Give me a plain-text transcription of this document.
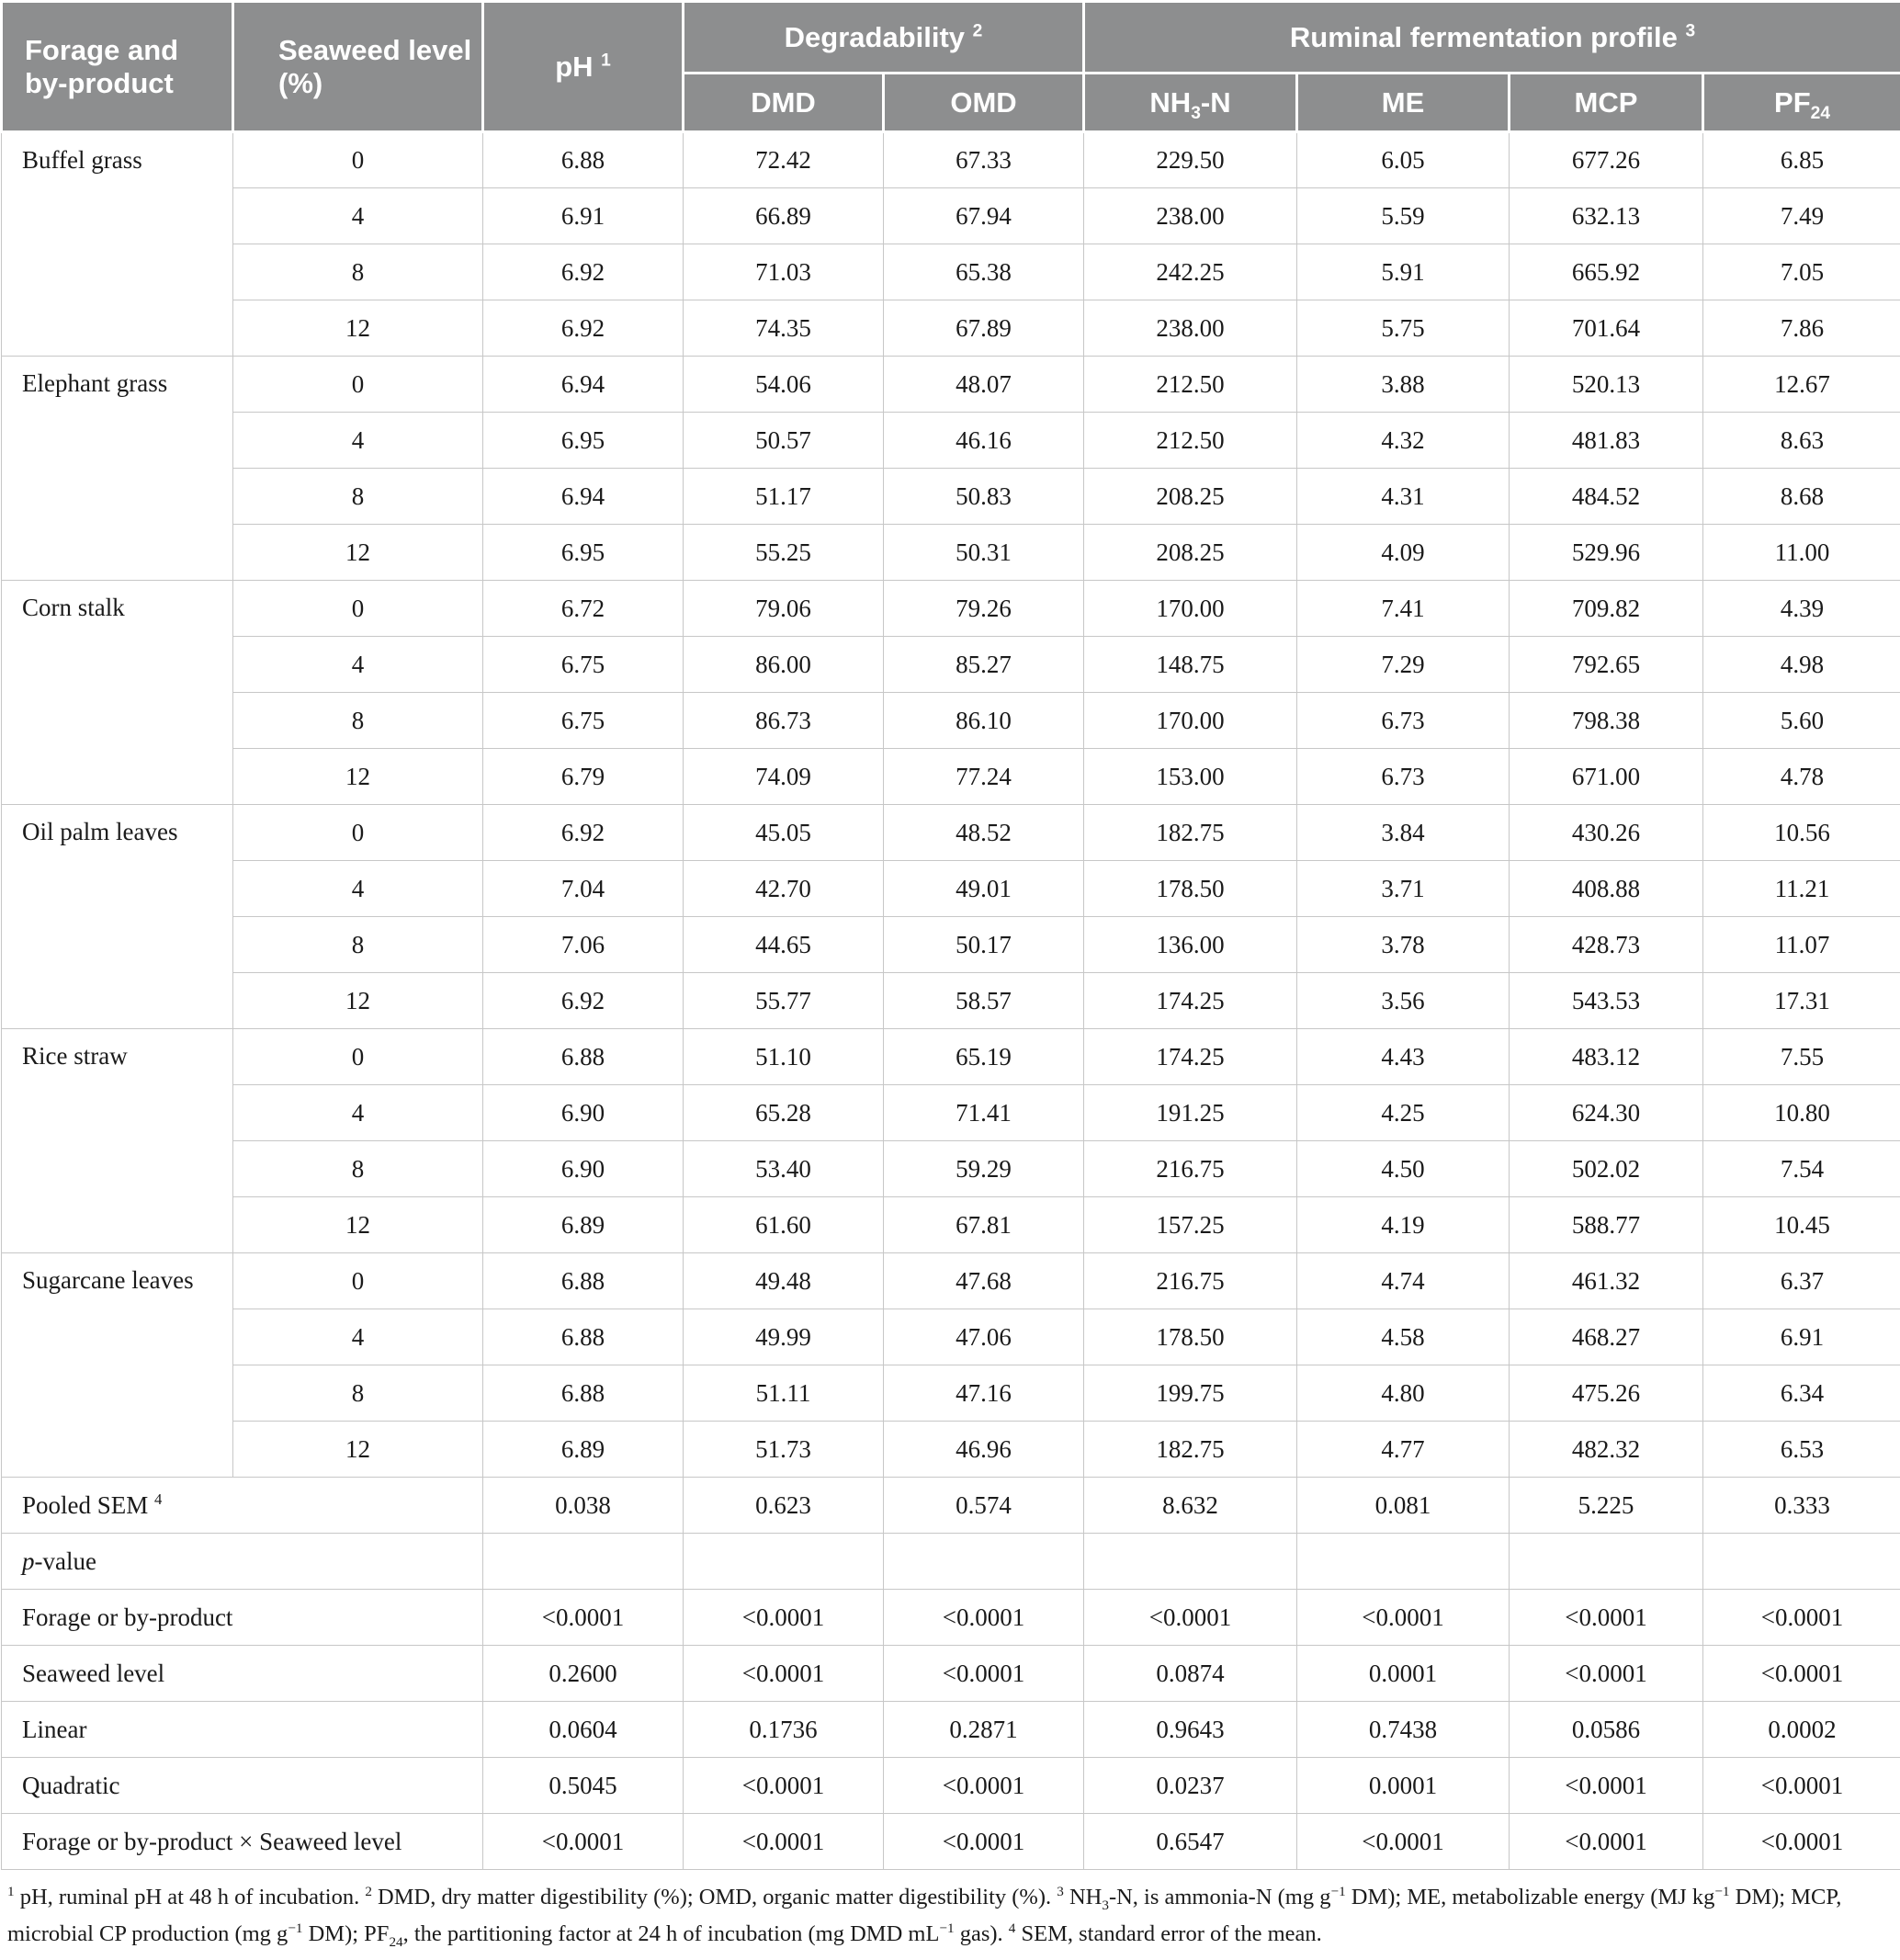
Forage and by-product	Seaweed level (%)	pH $^1$	Degradability $^2$		Ruminal fermentation profile $^3$
			DMD	OMD	$NH_3-N$	ME	MCP	$PF_{24}$
Buffel grass	0	6.88	72.42	67.33	229.50	6.05	677.26	6.85
	4	6.91	66.89	67.94	238.00	5.59	632.13	7.49
	8	6.92	71.03	65.38	242.25	5.91	665.92	7.05
	12	6.92	74.35	67.89	238.00	5.75	701.64	7.86
Elephant grass	0	6.94	54.06	48.07	212.50	3.88	520.13	12.67
	4	6.95	50.57	46.16	212.50	4.32	481.83	8.63
	8	6.94	51.17	50.83	208.25	4.31	484.52	8.68
	12	6.95	55.25	50.31	208.25	4.09	529.96	11.00
Corn stalk	0	6.72	79.06	79.26	170.00	7.41	709.82	4.39
	4	6.75	86.00	85.27	148.75	7.29	792.65	4.98
	8	6.75	86.73	86.10	170.00	6.73	798.38	5.60
	12	6.79	74.09	77.24	153.00	6.73	671.00	4.78
Oil palm leaves	0	6.92	45.05	48.52	182.75	3.84	430.26	10.56
	4	7.04	42.70	49.01	178.50	3.71	408.88	11.21
	8	7.06	44.65	50.17	136.00	3.78	428.73	11.07
	12	6.92	55.77	58.57	174.25	3.56	543.53	17.31
Rice straw	0	6.88	51.10	65.19	174.25	4.43	483.12	7.55
	4	6.90	65.28	71.41	191.25	4.25	624.30	10.80
	8	6.90	53.40	59.29	216.75	4.50	502.02	7.54
	12	6.89	61.60	67.81	157.25	4.19	588.77	10.45
Sugarcane leaves	0	6.88	49.48	47.68	216.75	4.74	461.32	6.37
	4	6.88	49.99	47.06	178.50	4.58	468.27	6.91
	8	6.88	51.11	47.16	199.75	4.80	475.26	6.34
	12	6.89	51.73	46.96	182.75	4.77	482.32	6.53
Pooled SEM $^4$		0.038	0.623	0.574	8.632	0.081	5.225	0.333
p-value								
Forage or by-product		<0.0001	<0.0001	<0.0001	<0.0001	<0.0001	<0.0001	<0.0001
Seaweed level		0.2600	<0.0001	<0.0001	0.0874	0.0001	<0.0001	<0.0001
Linear		0.0604	0.1736	0.2871	0.9643	0.7438	0.0586	0.0002
Quadratic		0.5045	<0.0001	<0.0001	0.0237	0.0001	<0.0001	<0.0001
Forage or by-product × Seaweed level		<0.0001	<0.0001	<0.0001	0.6547	<0.0001	<0.0001	<0.0001

$^1$ pH, ruminal pH at 48 h of incubation. $^2$ DMD, dry matter digestibility (%); OMD, organic matter digestibility (%). $^3$ $NH_3-N$, is ammonia-N (mg $g^{-1}$ DM); ME, metabolizable energy (MJ $kg^{-1}$ DM); MCP, microbial CP production (mg $g^{-1}$ DM); $PF_{24}$, the partitioning factor at 24 h of incubation (mg DMD $mL^{-1}$ gas). $^4$ SEM, standard error of the mean.
